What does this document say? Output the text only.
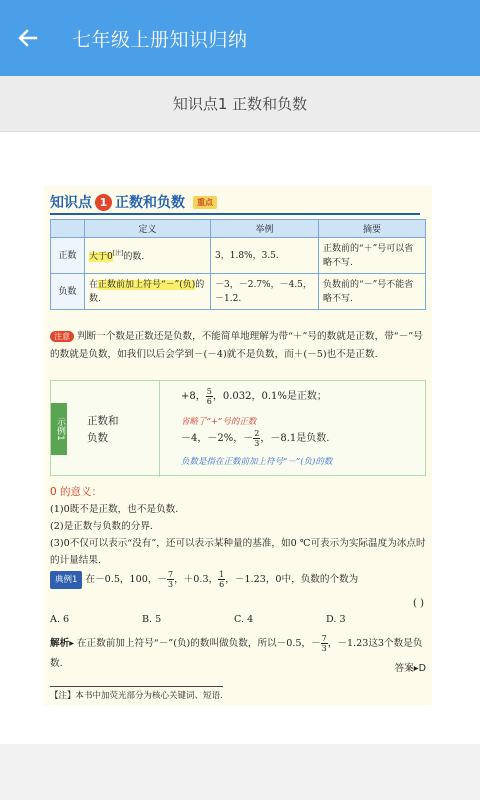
七年级上册知识归纳
知识点1 正数和负数
知识点 1 正数和负数	重点
	定义	举例	摘要
正数	大于0[注]的数.	3，1.8%，3.5.	正数前的“＋”号可以省略不写.
负数	在正数前加上符号“－”(负)的数.	－3，－2.7%，－4.5，－1.2.	负数前的“－”号不能省略不写.
注意 判断一个数是正数还是负数，不能简单地理解为带“＋”号的数就是正数，带“－”号的数就是负数，如我们以后会学到－(－4)就不是负数，而＋(－5)也不是正数.
示例1 正数和
负数
+8， $\frac{5}{6}$ ，0.032，0.1%是正数；
省略了“+”号的正数
－4，－2%，－ $\frac{2}{3}$ ，－8.1是负数.
负数是指在正数前加上符号“－”(负)的数
0 的意义：
(1)0既不是正数，也不是负数.
(2)是正数与负数的分界.
(3)0不仅可以表示“没有”，还可以表示某种量的基准，如0 ℃可表示为实际温度为冰点时的计量结果.
典例1 在－0.5，100，－ $\frac{7}{3}$ ，＋0.3， $\frac{1}{6}$ ，－1.23，0中，负数的个数为
( )
A. 6	B. 5	C. 4	D. 3
解析▸ 在正数前加上符号“－”(负)的数叫做负数，所以－0.5，－ $\frac{7}{3}$ ，－1.23这3个数是负数.	答案▸D
【注】本书中加荧光部分为核心关键词、短语.
